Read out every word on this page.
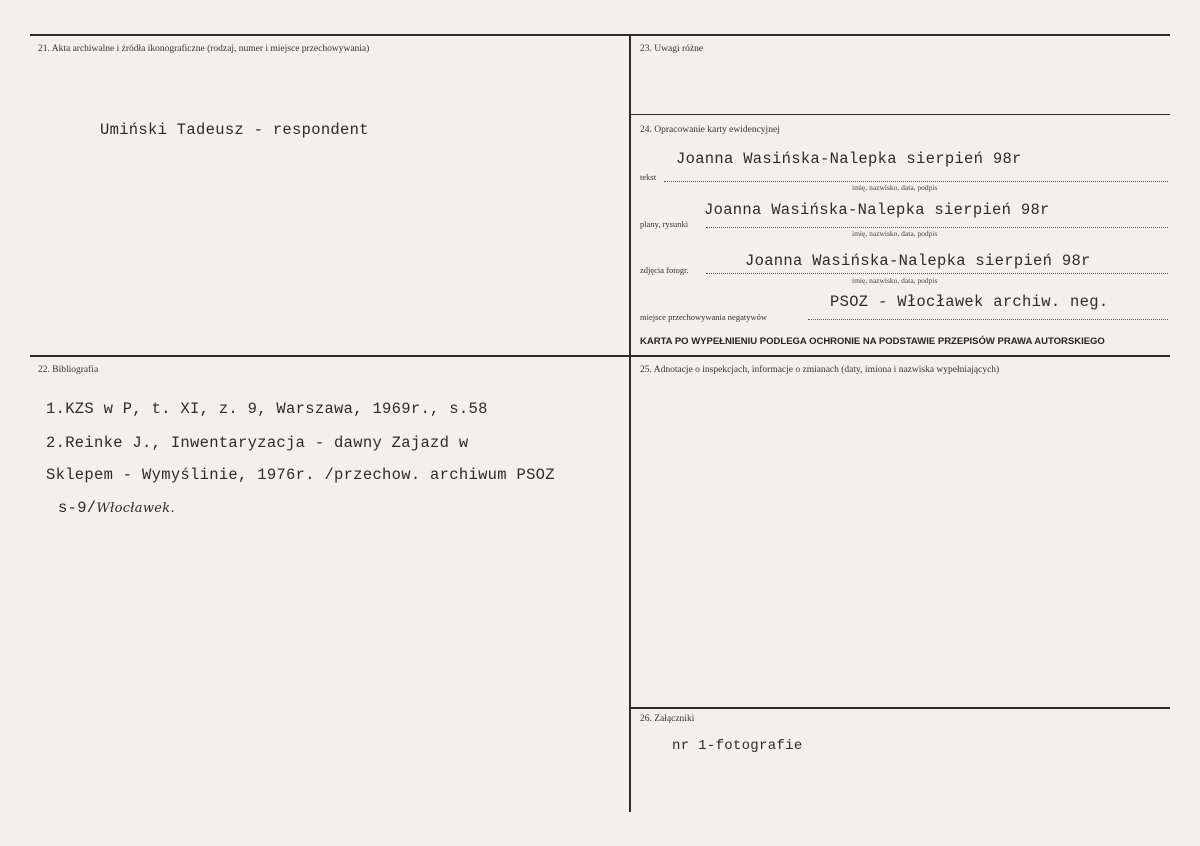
21. Akta archiwalne i źródła ikonograficzne (rodzaj, numer i miejsce przechowywania)
Umiński Tadeusz - respondent
23. Uwagi różne
24. Opracowanie karty ewidencyjnej
Joanna Wasińska-Nalepka sierpień 98r
tekst
imię, nazwisko, data, podpis
Joanna Wasińska-Nalepka sierpień 98r
plany, rysunki
imię, nazwisko, data, podpis
Joanna Wasińska-Nalepka sierpień 98r
zdjęcia fotogr.
imię, nazwisko, data, podpis
PSOZ - Włocławek archiw. neg.
miejsce przechowywania negatywów
KARTA PO WYPEŁNIENIU PODLEGA OCHRONIE NA PODSTAWIE PRZEPISÓW PRAWA AUTORSKIEGO
22. Bibliografia
1.KZS w P, t. XI, z. 9, Warszawa, 1969r., s.58
2.Reinke J., Inwentaryzacja - dawny Zajazd w
Sklepem - Wymyślinie, 1976r. /przechow. archiwum PSOZ
s-9/Włocławek.
25. Adnotacje o inspekcjach, informacje o zmianach (daty, imiona i nazwiska wypełniających)
26. Załączniki
nr 1-fotografie
